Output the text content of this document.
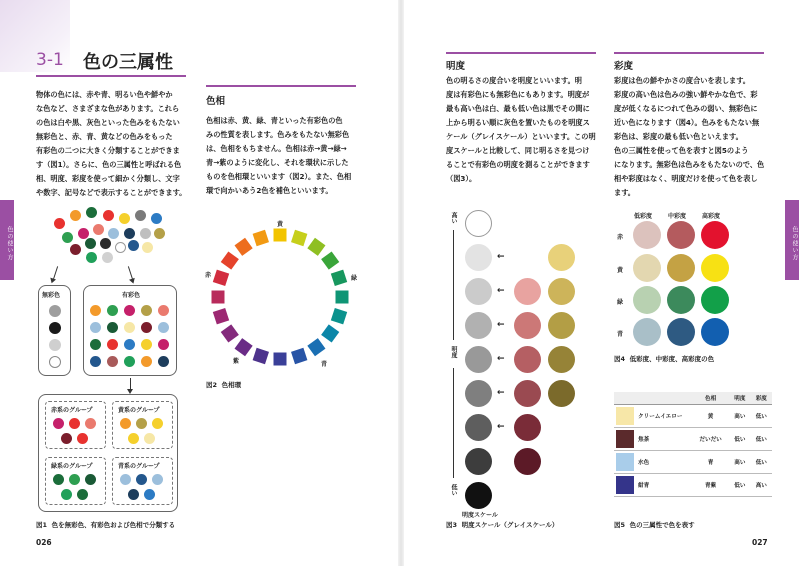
3-1 色の三属性
物体の色には、赤や青、明るい色や鮮やか
な色など、さまざまな色があります。これら
の色は白や黒、灰色といった色みをもたない
無彩色と、赤、青、黄などの色みをもった
有彩色の二つに大きく分類することができま
す（図1）。さらに、色の三属性と呼ばれる色
相、明度、彩度を使って細かく分類し、文字
や数字、記号などで表示することができます。
色相
色相は赤、黄、緑、青といった有彩色の色
みの性質を表します。色みをもたない無彩色
は、色相をもちません。色相は赤→黄→緑→
青→紫のように変化し、それを環状に示した
ものを色相環といいます（図2）。また、色相
環で向かいあう2色を補色といいます。
色の使い方
無彩色	有彩色
赤系のグループ	黄系のグループ
緑系のグループ	青系のグループ
図1 色を無彩色、有彩色および色相で分類する
黄
赤	緑
紫	青
図2 色相環
026
明度
色の明るさの度合いを明度といいます。明
度は有彩色にも無彩色にもあります。明度が
最も高い色は白、最も低い色は黒でその間に
上から明るい順に灰色を置いたものを明度ス
ケール（グレイスケール）といいます。この明
度スケールと比較して、同じ明るさを見つけ
ることで有彩色の明度を測ることができます
（図3）。
彩度
彩度は色の鮮やかさの度合いを表します。
彩度の高い色は色みの強い鮮やかな色で、彩
度が低くなるにつれて色みの弱い、無彩色に
近い色になります（図4）。色みをもたない無
彩色は、彩度の最も低い色といえます。
色の三属性を使って色を表すと図5のよう
になります。無彩色は色みをもたないので、色
相や彩度はなく、明度だけを使って色を表し
ます。
色の使い方
高い
明度
低い
←
←
←
←
←
←
明度スケール
図3 明度スケール（グレイスケール）
低彩度	中彩度	高彩度
赤
黄
緑
青
図4 低彩度、中彩度、高彩度の色
		色相	明度	彩度

	クリームイエロー	黄	高い	低い

	焦茶	だいだい	低い	低い

	水色	青	高い	低い

	紺青	青紫	低い	高い
図5 色の三属性で色を表す
027
